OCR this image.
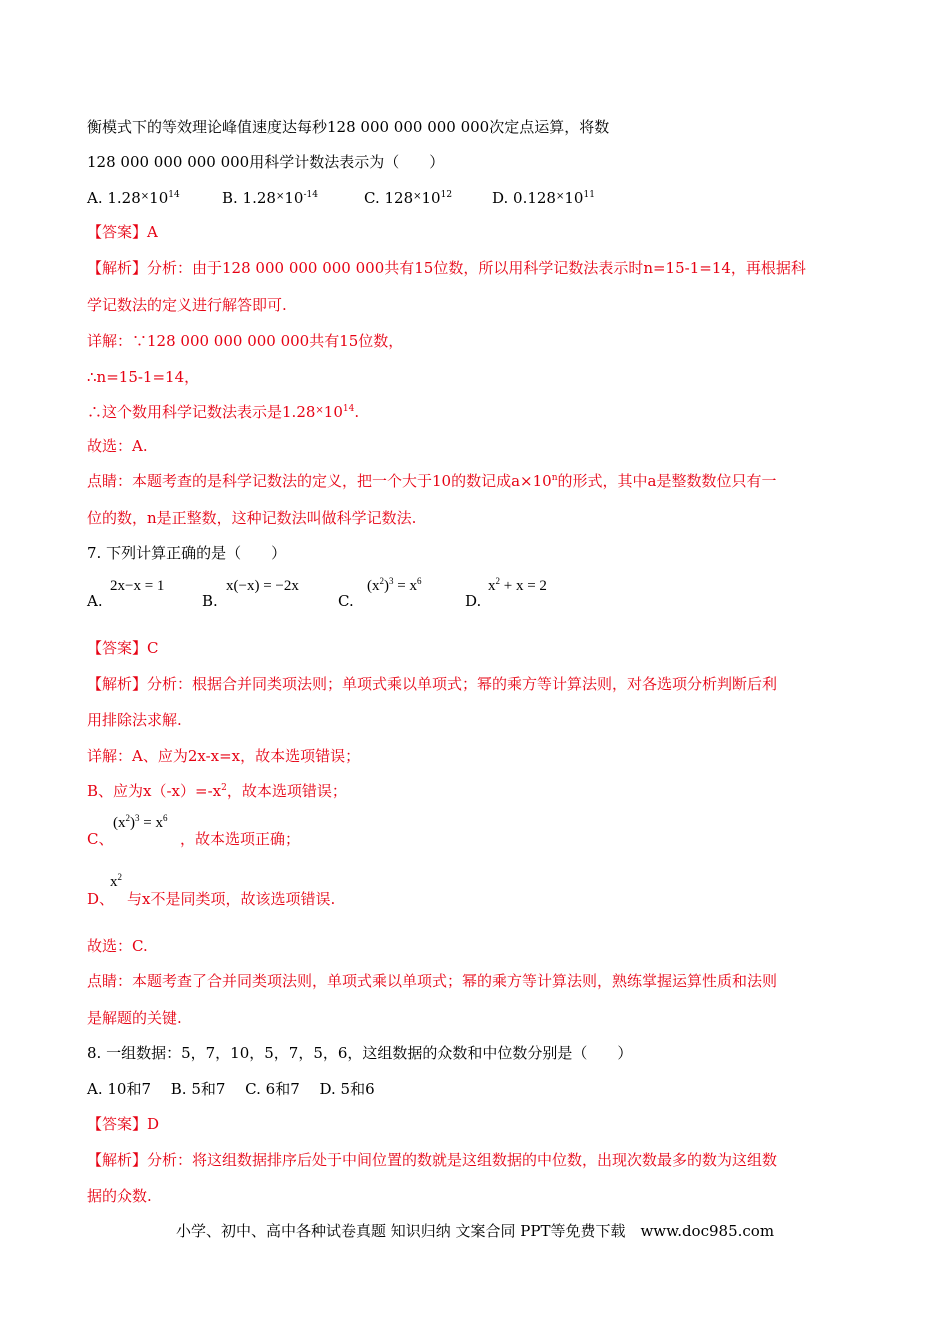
衡模式下的等效理论峰值速度达每秒128 000 000 000 000次定点运算，将数
128 000 000 000 000用科学计数法表示为（　　）
A. $1.28^\times 10^{14}$	B. $1.28^\times 10^{-14}$	C. $128^\times 10^{12}$	D. $0.128^\times 10^{11}$
【答案】A
【解析】分析：由于128 000 000 000 000共有15位数，所以用科学记数法表示时n=15-1=14，再根据科
学记数法的定义进行解答即可.
详解：∵128 000 000 000 000共有15位数，
∴n=15-1=14，
∴这个数用科学记数法表示是$1.28^\times 10^{14}$.
故选：A.
点睛：本题考查的是科学记数法的定义，把一个大于10的数记成$a\times 10^n$的形式，其中a是整数数位只有一
位的数，n是正整数，这种记数法叫做科学记数法.
7. 下列计算正确的是（　　）
A.
2x−x = 1
B.
x(−x) = −2x
C.
$(x^2)^3 = x^6$
D.
$x^2 + x = 2$
【答案】C
【解析】分析：根据合并同类项法则；单项式乘以单项式；幂的乘方等计算法则，对各选项分析判断后利
用排除法求解.
详解：A、应为2x-x=x，故本选项错误；
B、应为$x(-x)=-x^2$，故本选项错误；
C、
$(x^2)^3 = x^6$
，故本选项正确；
D、
$x^2$
与x不是同类项，故该选项错误.
故选：C.
点睛：本题考查了合并同类项法则，单项式乘以单项式；幂的乘方等计算法则，熟练掌握运算性质和法则
是解题的关键.
8. 一组数据：5，7，10，5，7，5，6，这组数据的众数和中位数分别是（　　）
A. 10和7　 B. 5和7　 C. 6和7　 D. 5和6
【答案】D
【解析】分析：将这组数据排序后处于中间位置的数就是这组数据的中位数，出现次数最多的数为这组数
据的众数.
小学、初中、高中各种试卷真题 知识归纳 文案合同 PPT等免费下载　www.doc985.com
